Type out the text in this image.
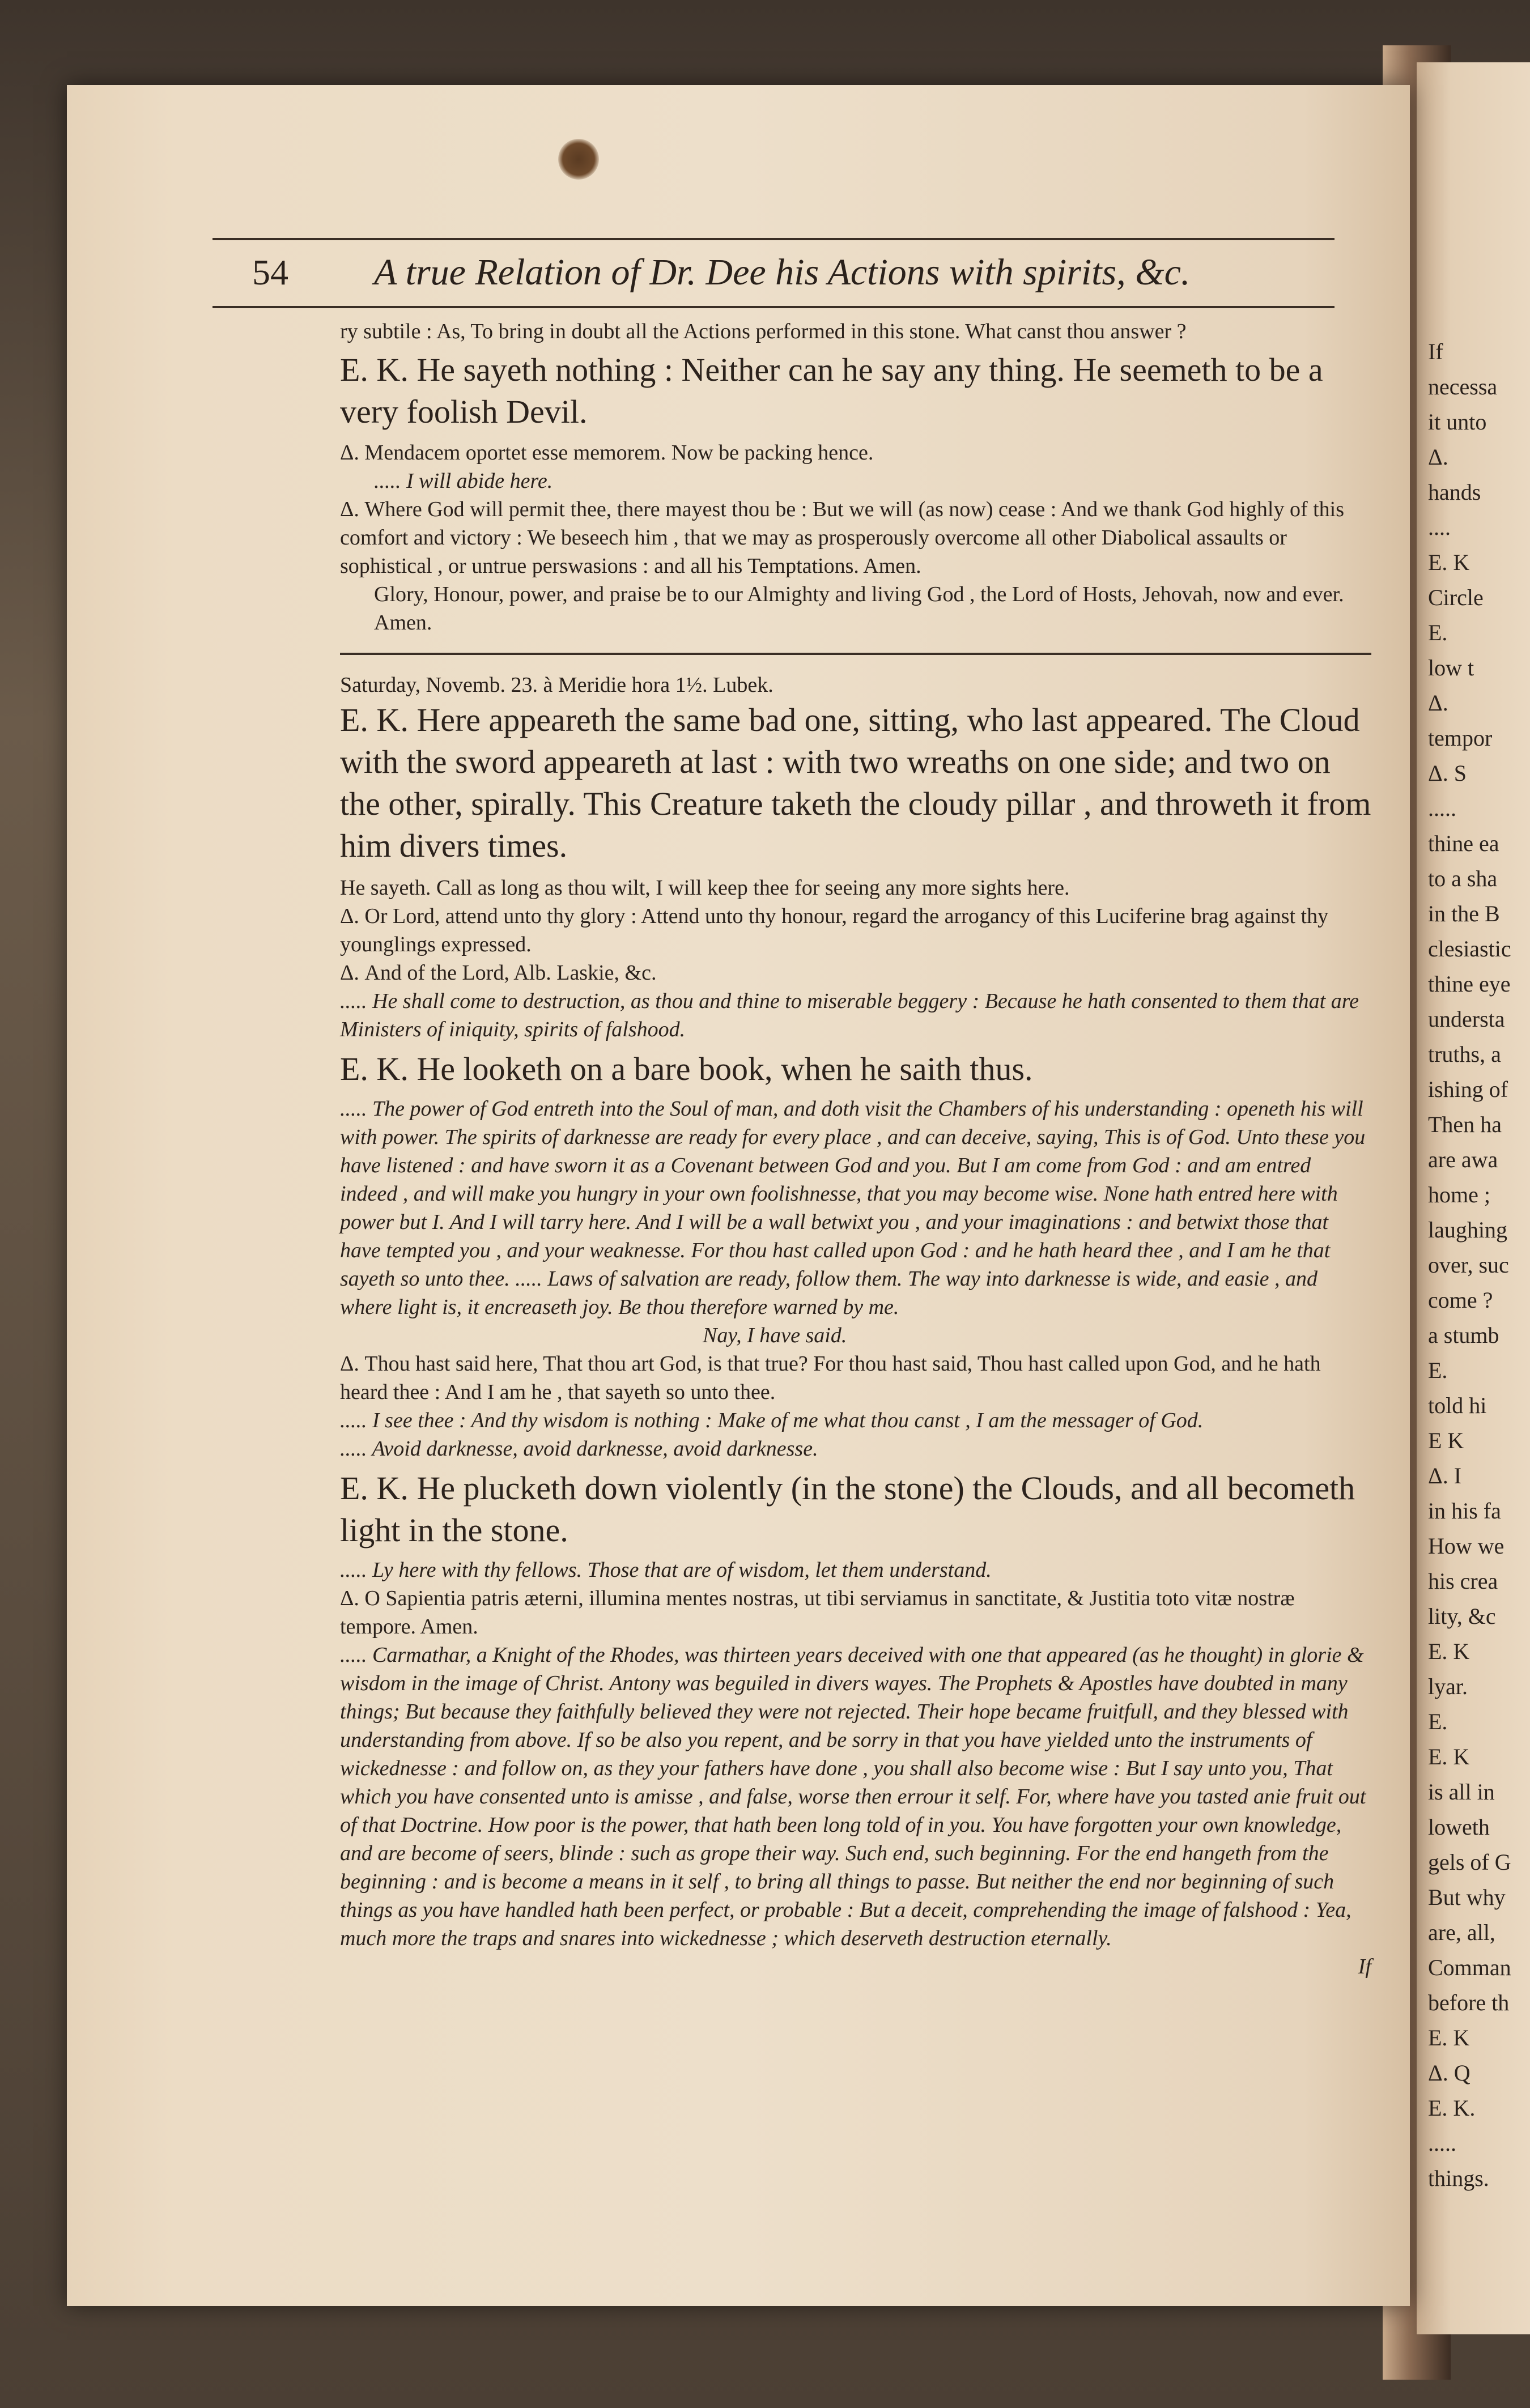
If
necessa
it unto
Δ.
hands
....
E. K
Circle
E.
low t
Δ.
tempor
Δ. S
.....
thine ea
to a sha
in the B
clesiastic
thine eye
understa
truths, a
ishing of
Then ha
are awa
home ;
laughing
over, suc
come ?
a stumb
E.
told hi
E K
Δ. I
in his fa
How we
his crea
lity, &c
E. K
lyar.
E.
E. K
is all in
loweth
gels of G
But why
are, all,
Comman
before th
E. K
Δ. Q
E. K.
.....
things.
54 A true Relation of Dr. Dee his Actions with spirits, &c.

ry subtile : As, To bring in doubt all the Actions performed in this stone. What canst thou answer ?

E. K. He sayeth nothing : Neither can he say any thing. He seemeth to be a very foolish Devil.

Δ. Mendacem oportet esse memorem. Now be packing hence.

..... I will abide here.

Δ. Where God will permit thee, there mayest thou be : But we will (as now) cease : And we thank God highly of this comfort and victory : We beseech him , that we may as prosperously overcome all other Diabolical assaults or sophistical , or untrue perswasions : and all his Temptations. Amen.

Glory, Honour, power, and praise be to our Almighty and living God , the Lord of Hosts, Jehovah, now and ever. Amen.

Saturday, Novemb. 23. à Meridie hora 1½. Lubek.

E. K. Here appeareth the same bad one, sitting, who last appeared. The Cloud with the sword appeareth at last : with two wreaths on one side; and two on the other, spirally. This Creature taketh the cloudy pillar , and throweth it from him divers times.

He sayeth. Call as long as thou wilt, I will keep thee for seeing any more sights here.

Δ. Or Lord, attend unto thy glory : Attend unto thy honour, regard the arrogancy of this Luciferine brag against thy younglings expressed.

Δ. And of the Lord, Alb. Laskie, &c.

..... He shall come to destruction, as thou and thine to miserable beggery : Because he hath consented to them that are Ministers of iniquity, spirits of falshood.

E. K. He looketh on a bare book, when he saith thus.

..... The power of God entreth into the Soul of man, and doth visit the Chambers of his understanding : openeth his will with power. The spirits of darknesse are ready for every place , and can deceive, saying, This is of God. Unto these you have listened : and have sworn it as a Covenant between God and you. But I am come from God : and am entred indeed , and will make you hungry in your own foolishnesse, that you may become wise. None hath entred here with power but I. And I will tarry here. And I will be a wall betwixt you , and your imaginations : and betwixt those that have tempted you , and your weaknesse. For thou hast called upon God : and he hath heard thee , and I am he that sayeth so unto thee. ..... Laws of salvation are ready, follow them. The way into darknesse is wide, and easie , and where light is, it encreaseth joy. Be thou therefore warned by me.

Nay, I have said.

Δ. Thou hast said here, That thou art God, is that true? For thou hast said, Thou hast called upon God, and he hath heard thee : And I am he , that sayeth so unto thee.

..... I see thee : And thy wisdom is nothing : Make of me what thou canst , I am the messager of God.

..... Avoid darknesse, avoid darknesse, avoid darknesse.

E. K. He plucketh down violently (in the stone) the Clouds, and all becometh light in the stone.

..... Ly here with thy fellows. Those that are of wisdom, let them understand.

Δ. O Sapientia patris æterni, illumina mentes nostras, ut tibi serviamus in sanctitate, & Justitia toto vitæ nostræ tempore. Amen.

..... Carmathar, a Knight of the Rhodes, was thirteen years deceived with one that appeared (as he thought) in glorie & wisdom in the image of Christ. Antony was beguiled in divers wayes. The Prophets & Apostles have doubted in many things; But because they faithfully believed they were not rejected. Their hope became fruitfull, and they blessed with understanding from above. If so be also you repent, and be sorry in that you have yielded unto the instruments of wickednesse : and follow on, as they your fathers have done , you shall also become wise : But I say unto you, That which you have consented unto is amisse , and false, worse then errour it self. For, where have you tasted anie fruit out of that Doctrine. How poor is the power, that hath been long told of in you. You have forgotten your own knowledge, and are become of seers, blinde : such as grope their way. Such end, such beginning. For the end hangeth from the beginning : and is become a means in it self , to bring all things to passe. But neither the end nor beginning of such things as you have handled hath been perfect, or probable : But a deceit, comprehending the image of falshood : Yea, much more the traps and snares into wickednesse ; which deserveth destruction eternally.

If
